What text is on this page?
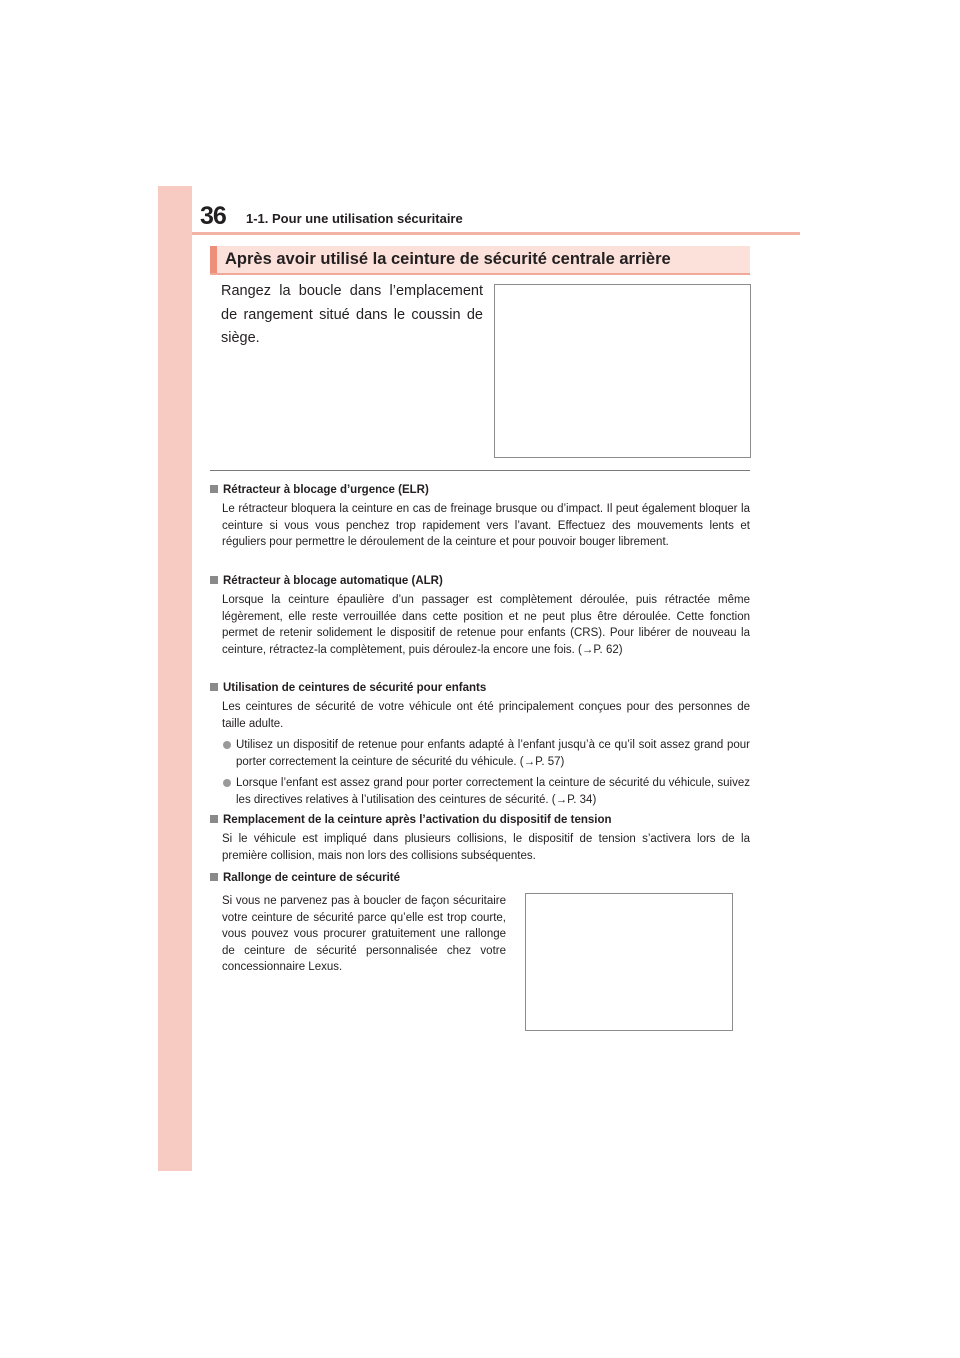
36 1-1. Pour une utilisation sécuritaire
Après avoir utilisé la ceinture de sécurité centrale arrière
Rangez la boucle dans l’emplacement de rangement situé dans le coussin de siège.
Rétracteur à blocage d’urgence (ELR)
Le rétracteur bloquera la ceinture en cas de freinage brusque ou d’impact. Il peut également bloquer la ceinture si vous vous penchez trop rapidement vers l’avant. Effectuez des mouvements lents et réguliers pour permettre le déroulement de la ceinture et pour pouvoir bouger librement.
Rétracteur à blocage automatique (ALR)
Lorsque la ceinture épaulière d’un passager est complètement déroulée, puis rétractée même légèrement, elle reste verrouillée dans cette position et ne peut plus être déroulée. Cette fonction permet de retenir solidement le dispositif de retenue pour enfants (CRS). Pour libérer de nouveau la ceinture, rétractez-la complètement, puis déroulez-la encore une fois. (→P. 62)
Utilisation de ceintures de sécurité pour enfants
Les ceintures de sécurité de votre véhicule ont été principalement conçues pour des personnes de taille adulte.
Utilisez un dispositif de retenue pour enfants adapté à l’enfant jusqu’à ce qu’il soit assez grand pour porter correctement la ceinture de sécurité du véhicule. (→P. 57)
Lorsque l’enfant est assez grand pour porter correctement la ceinture de sécurité du véhicule, suivez les directives relatives à l’utilisation des ceintures de sécurité. (→P. 34)
Remplacement de la ceinture après l’activation du dispositif de tension
Si le véhicule est impliqué dans plusieurs collisions, le dispositif de tension s’activera lors de la première collision, mais non lors des collisions subséquentes.
Rallonge de ceinture de sécurité
Si vous ne parvenez pas à boucler de façon sécuritaire votre ceinture de sécurité parce qu’elle est trop courte, vous pouvez vous procurer gratuitement une rallonge de ceinture de sécurité personnalisée chez votre concessionnaire Lexus.
